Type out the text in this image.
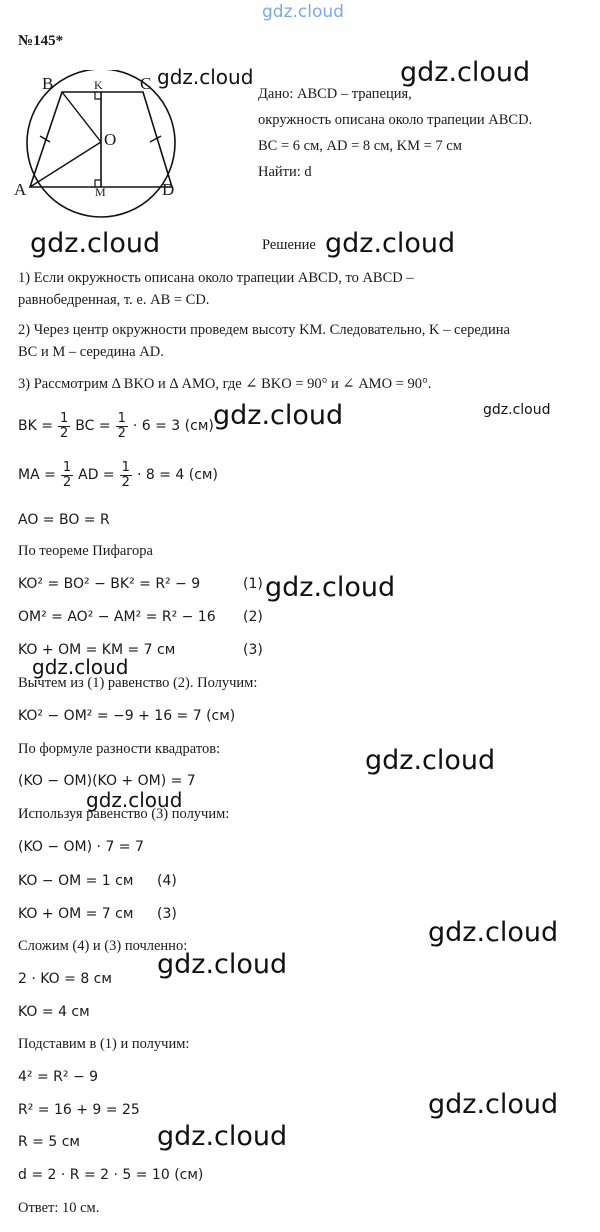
gdz.cloud
№145*
B	K C
O
A	M	D
Дано: ABCD – трапеция,
окружность описана около трапеции ABCD.
BC = 6 см, AD = 8 см, KM = 7 см
Найти: d
Решение
1) Если окружность описана около трапеции ABCD, то ABCD –
равнобедренная, т. е. AB = CD.
2) Через центр окружности проведем высоту KM. Следовательно, K – середина
BC и M – середина AD.
3) Рассмотрим Δ BKO и Δ AMO, где ∠ BKO = 90° и ∠ AMO = 90°.
BK = $\frac{1}{2}$ BC = $\frac{1}{2} \cdot 6 = 3$ (см)
MA = $\frac{1}{2}$ AD = $\frac{1}{2} \cdot 8 = 4$ (см)
AO = BO = R
По теореме Пифагора
KO² = BO² − BK² = R² − 9	(1)
OM² = AO² − AM² = R² − 16 (2)
KO + OM = KM = 7 см	(3)
Вычтем из (1) равенство (2). Получим:
KO² − OM² = −9 + 16 = 7 (см)
По формуле разности квадратов:
(KO − OM)(KO + OM) = 7
Используя равенство (3) получим:
(KO − OM) · 7 = 7
KO − OM = 1 см (4)
KO + OM = 7 см (3)
Сложим (4) и (3) почленно:
2 · KO = 8 см
KO = 4 см
Подставим в (1) и получим:
4² = R² − 9
R² = 16 + 9 = 25
R = 5 см
d = 2 · R = 2 · 5 = 10 (см)
Ответ: 10 см.
gdz.cloud	gdz.cloud
gdz.cloud	gdz.cloud
gdz.cloud	gdz.cloud
gdz.cloud
gdz.cloud
gdz.cloud
gdz.cloud
gdz.cloud
gdz.cloud
gdz.cloud
gdz.cloud
